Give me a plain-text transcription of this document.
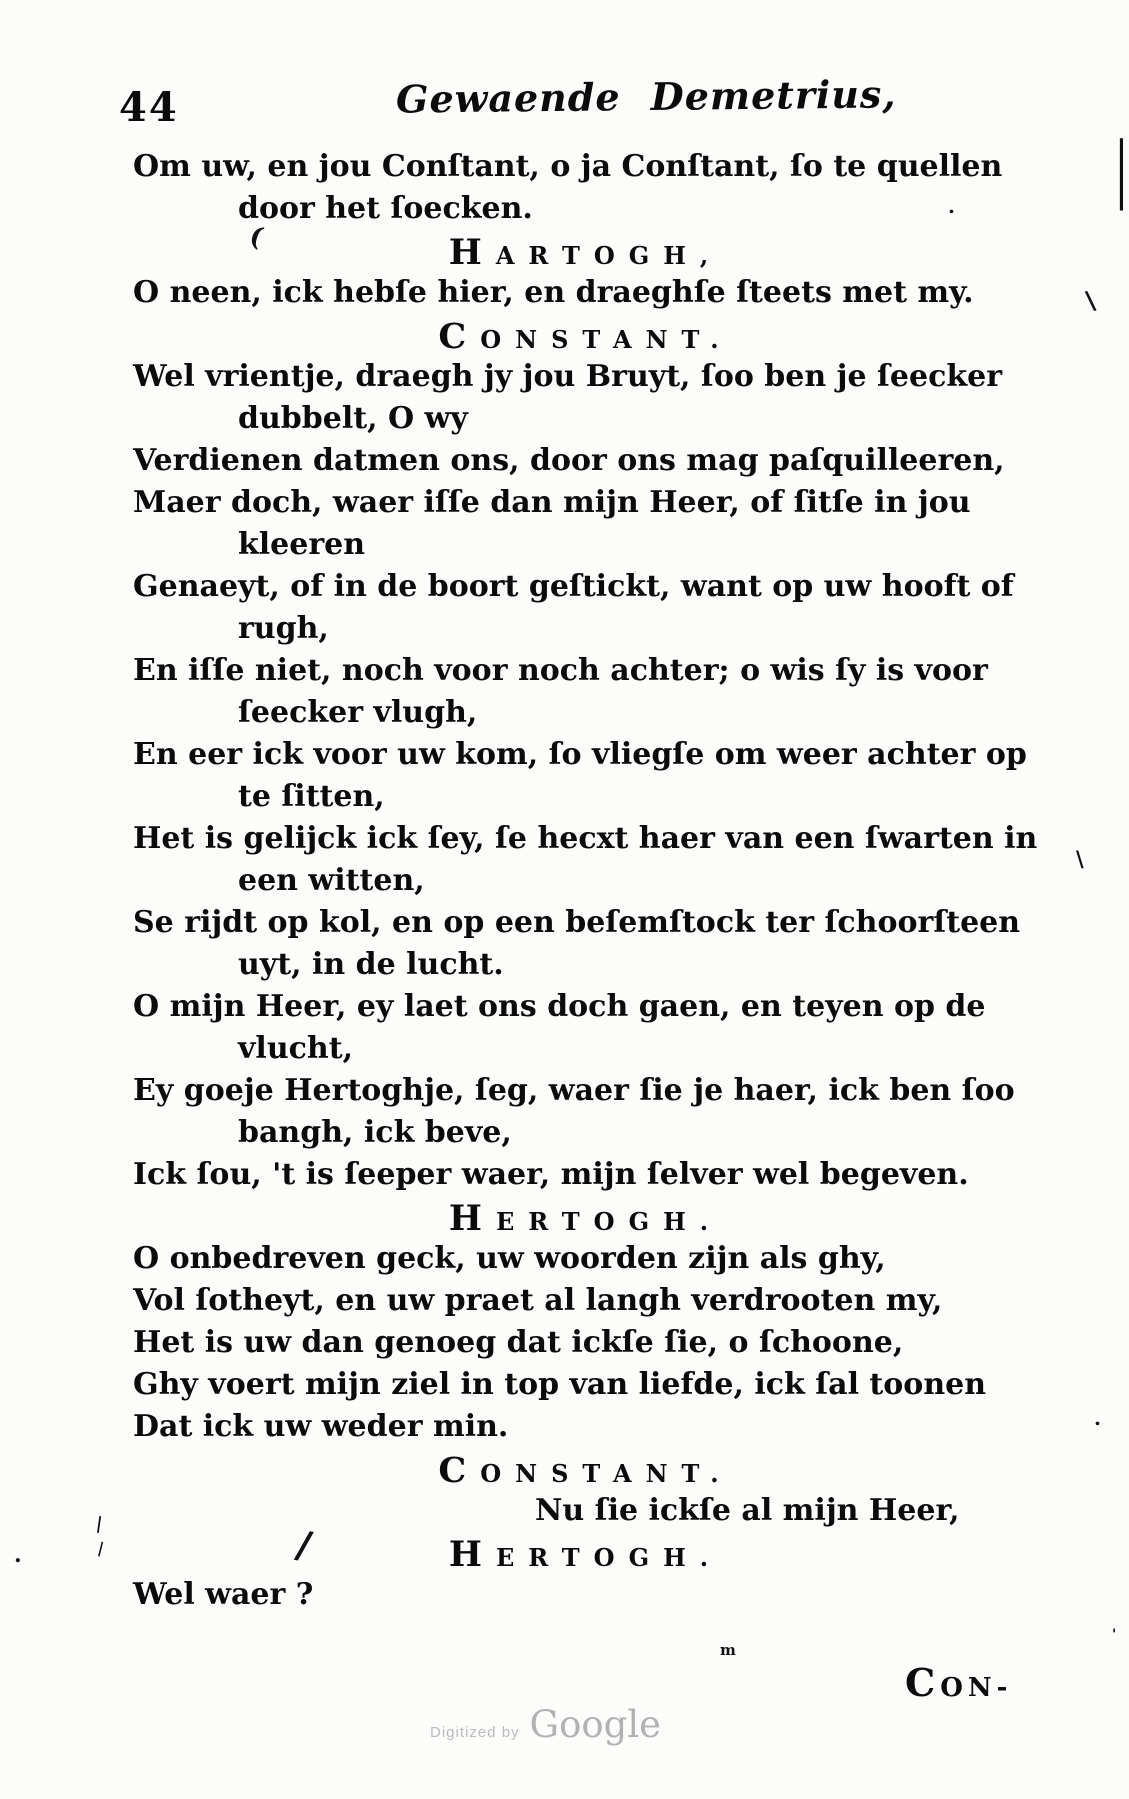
44	Gewaende Demetrius,
Om uw, en jou Conſtant, o ja Conſtant, ſo te quellen
door het ſoecken.
HARTOGH,
O neen, ick hebſe hier, en draeghſe ſteets met my.
CONSTANT.
Wel vrientje, draegh jy jou Bruyt, ſoo ben je ſeecker
dubbelt, O wy
Verdienen datmen ons, door ons mag paſquilleeren,
Maer doch, waer iſſe dan mijn Heer, of ſitſe in jou
kleeren
Genaeyt, of in de boort geſtickt, want op uw hooft of
rugh,
En iſſe niet, noch voor noch achter; o wis ſy is voor
ſeecker vlugh,
En eer ick voor uw kom, ſo vliegſe om weer achter op
te ſitten,
Het is gelijck ick ſey, ſe hecxt haer van een ſwarten in
een witten,
Se rijdt op kol, en op een beſemſtock ter ſchoorſteen
uyt, in de lucht.
O mijn Heer, ey laet ons doch gaen, en teyen op de
vlucht,
Ey goeje Hertoghje, ſeg, waer ſie je haer, ick ben ſoo
bangh, ick beve,
Ick ſou, 't is ſeeper waer, mijn ſelver wel begeven.
HERTOGH.
O onbedreven geck, uw woorden zijn als ghy,
Vol ſotheyt, en uw praet al langh verdrooten my,
Het is uw dan genoeg dat ickſe ſie, o ſchoone,
Ghy voert mijn ziel in top van liefde, ick ſal toonen
Dat ick uw weder min.
CONSTANT.
Nu ſie ickſe al mijn Heer,
HERTOGH.
Wel waer ?
CON-
Digitized by Google
/
|
|
.
.
(
|
\
\
.
m
'
